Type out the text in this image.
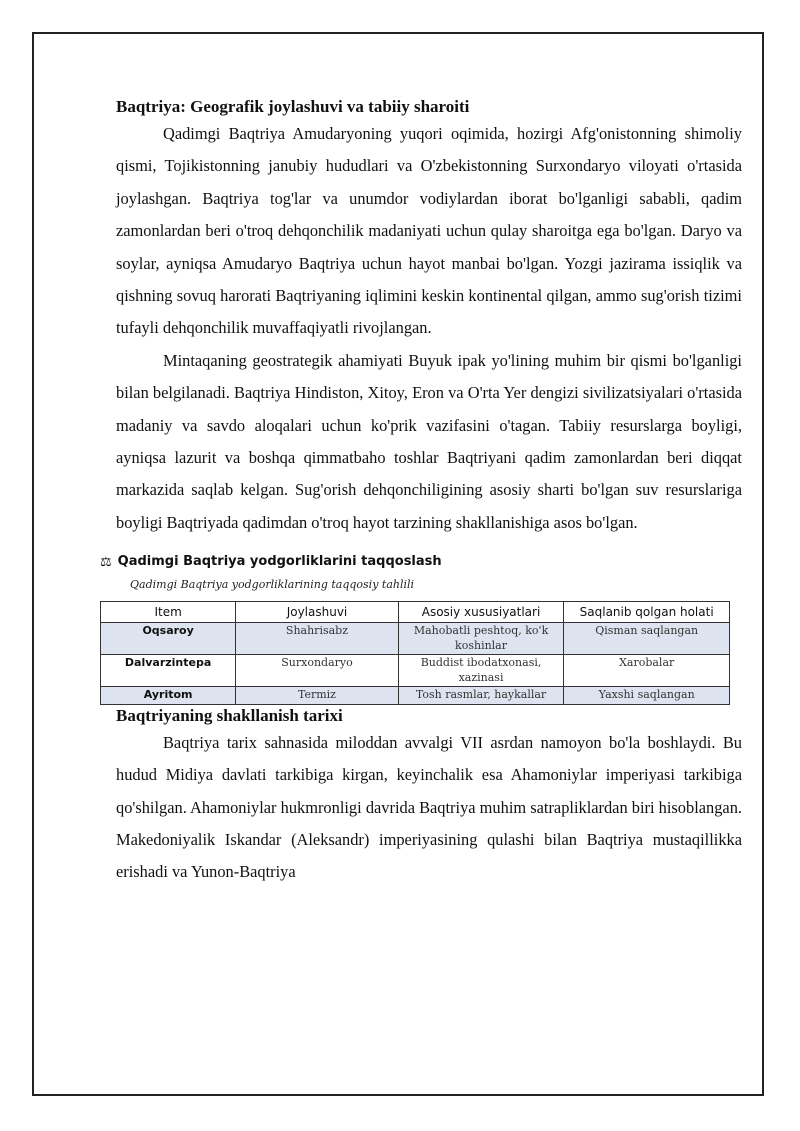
Baqtriya: Geografik joylashuvi va tabiiy sharoiti

Qadimgi Baqtriya Amudaryoning yuqori oqimida, hozirgi Afg'onistonning shimoliy qismi, Tojikistonning janubiy hududlari va O'zbekistonning Surxondaryo viloyati o'rtasida joylashgan. Baqtriya tog'lar va unumdor vodiylardan iborat bo'lganligi sababli, qadim zamonlardan beri o'troq dehqonchilik madaniyati uchun qulay sharoitga ega bo'lgan. Daryo va soylar, ayniqsa Amudaryo Baqtriya uchun hayot manbai bo'lgan. Yozgi jazirama issiqlik va qishning sovuq harorati Baqtriyaning iqlimini keskin kontinental qilgan, ammo sug'orish tizimi tufayli dehqonchilik muvaffaqiyatli rivojlangan.

Mintaqaning geostrategik ahamiyati Buyuk ipak yo'lining muhim bir qismi bo'lganligi bilan belgilanadi. Baqtriya Hindiston, Xitoy, Eron va O'rta Yer dengizi sivilizatsiyalari o'rtasida madaniy va savdo aloqalari uchun ko'prik vazifasini o'tagan. Tabiiy resurslarga boyligi, ayniqsa lazurit va boshqa qimmatbaho toshlar Baqtriyani qadim zamonlardan beri diqqat markazida saqlab kelgan. Sug'orish dehqonchiligining asosiy sharti bo'lgan suv resurslariga boyligi Baqtriyada qadimdan o'troq hayot tarzining shakllanishiga asos bo'lgan.

⚖ Qadimgi Baqtriya yodgorliklarini taqqoslash
Qadimgi Baqtriya yodgorliklarining taqqosiy tahlili
Item	Joylashuvi	Asosiy xususiyatlari	Saqlanib qolgan holati
Oqsaroy	Shahrisabz	Mahobatli peshtoq, ko'k koshinlar	Qisman saqlangan
Dalvarzintepa	Surxondaryo	Buddist ibodatxonasi, xazinasi	Xarobalar
Ayritom	Termiz	Tosh rasmlar, haykallar	Yaxshi saqlangan
Baqtriyaning shakllanish tarixi

Baqtriya tarix sahnasida miloddan avvalgi VII asrdan namoyon bo'la boshlaydi. Bu hudud Midiya davlati tarkibiga kirgan, keyinchalik esa Ahamoniylar imperiyasi tarkibiga qo'shilgan. Ahamoniylar hukmronligi davrida Baqtriya muhim satrapliklardan biri hisoblangan. Makedoniyalik Iskandar (Aleksandr) imperiyasining qulashi bilan Baqtriya mustaqillikka erishadi va Yunon-Baqtriya
